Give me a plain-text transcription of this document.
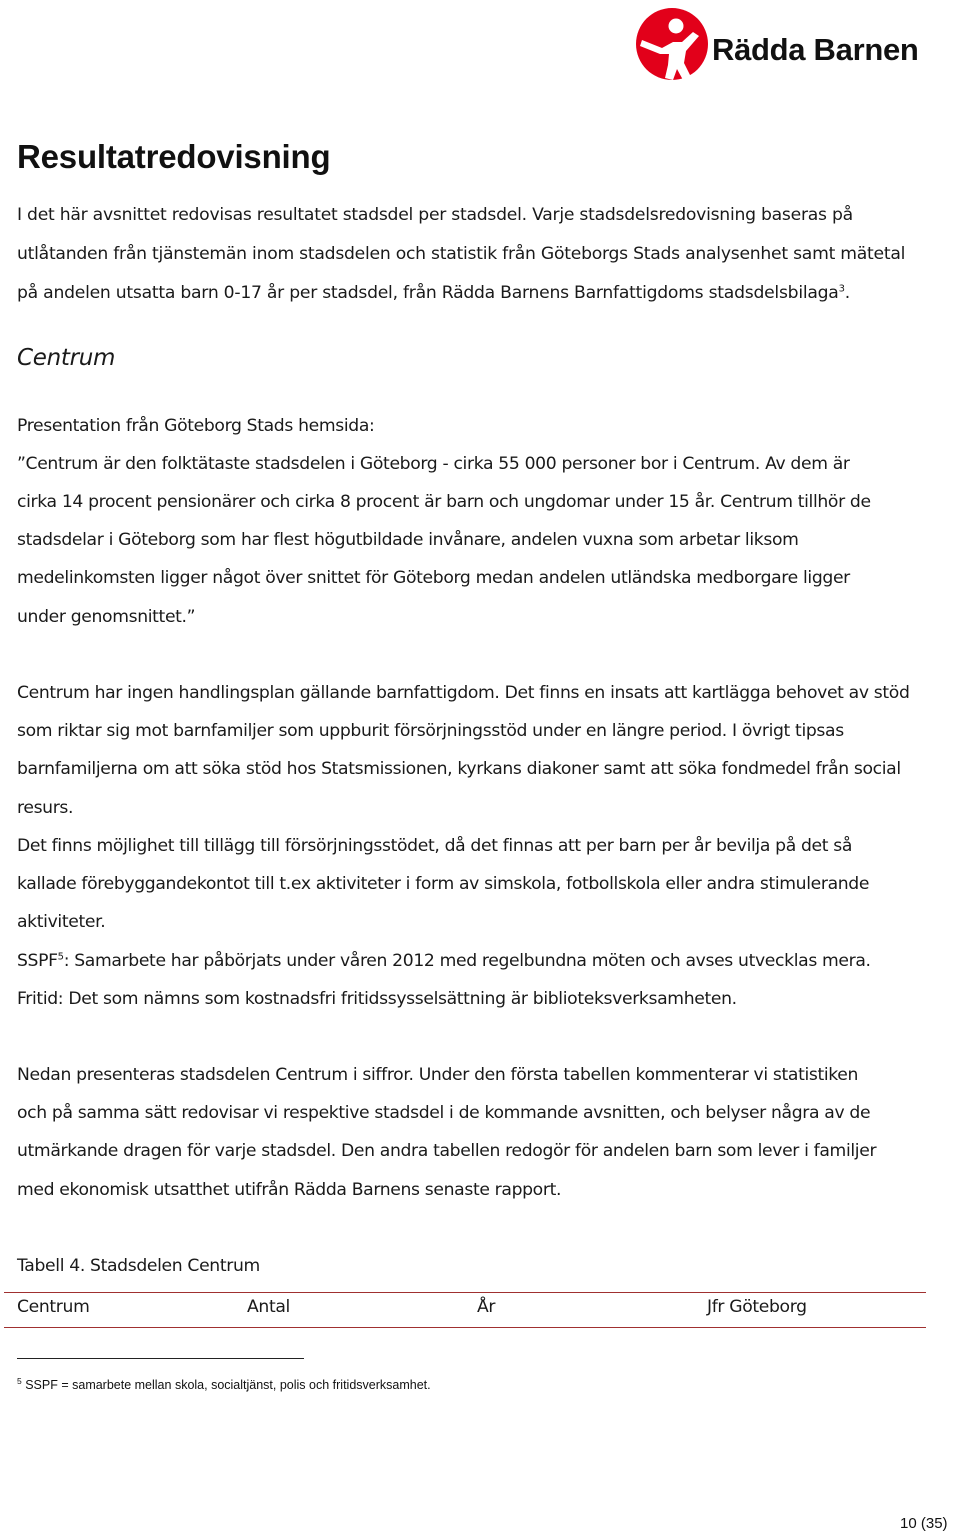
Rädda Barnen
Resultatredovisning

I det här avsnittet redovisas resultatet stadsdel per stadsdel. Varje stadsdelsredovisning baseras på
utlåtanden från tjänstemän inom stadsdelen och statistik från Göteborgs Stads analysenhet samt mätetal
på andelen utsatta barn 0-17 år per stadsdel, från Rädda Barnens Barnfattigdoms stadsdelsbilaga$^3$.

Centrum

Presentation från Göteborg Stads hemsida:

”Centrum är den folktätaste stadsdelen i Göteborg - cirka 55 000 personer bor i Centrum. Av dem är

cirka 14 procent pensionärer och cirka 8 procent är barn och ungdomar under 15 år. Centrum tillhör de

stadsdelar i Göteborg som har flest högutbildade invånare, andelen vuxna som arbetar liksom

medelinkomsten ligger något över snittet för Göteborg medan andelen utländska medborgare ligger

under genomsnittet.”

Centrum har ingen handlingsplan gällande barnfattigdom. Det finns en insats att kartlägga behovet av stöd

som riktar sig mot barnfamiljer som uppburit försörjningsstöd under en längre period. I övrigt tipsas

barnfamiljerna om att söka stöd hos Statsmissionen, kyrkans diakoner samt att söka fondmedel från social

resurs.

Det finns möjlighet till tillägg till försörjningsstödet, då det finnas att per barn per år bevilja på det så

kallade förebyggandekontot till t.ex aktiviteter i form av simskola, fotbollskola eller andra stimulerande

aktiviteter.

SSPF$^5$: Samarbete har påbörjats under våren 2012 med regelbundna möten och avses utvecklas mera.

Fritid: Det som nämns som kostnadsfri fritidssysselsättning är biblioteksverksamheten.

Nedan presenteras stadsdelen Centrum i siffror. Under den första tabellen kommenterar vi statistiken

och på samma sätt redovisar vi respektive stadsdel i de kommande avsnitten, och belyser några av de

utmärkande dragen för varje stadsdel. Den andra tabellen redogör för andelen barn som lever i familjer

med ekonomisk utsatthet utifrån Rädda Barnens senaste rapport.

Tabell 4. Stadsdelen Centrum

Centrum	Antal	År	Jfr Göteborg

$^5$ SSPF = samarbete mellan skola, socialtjänst, polis och fritidsverksamhet.

10 (35)
